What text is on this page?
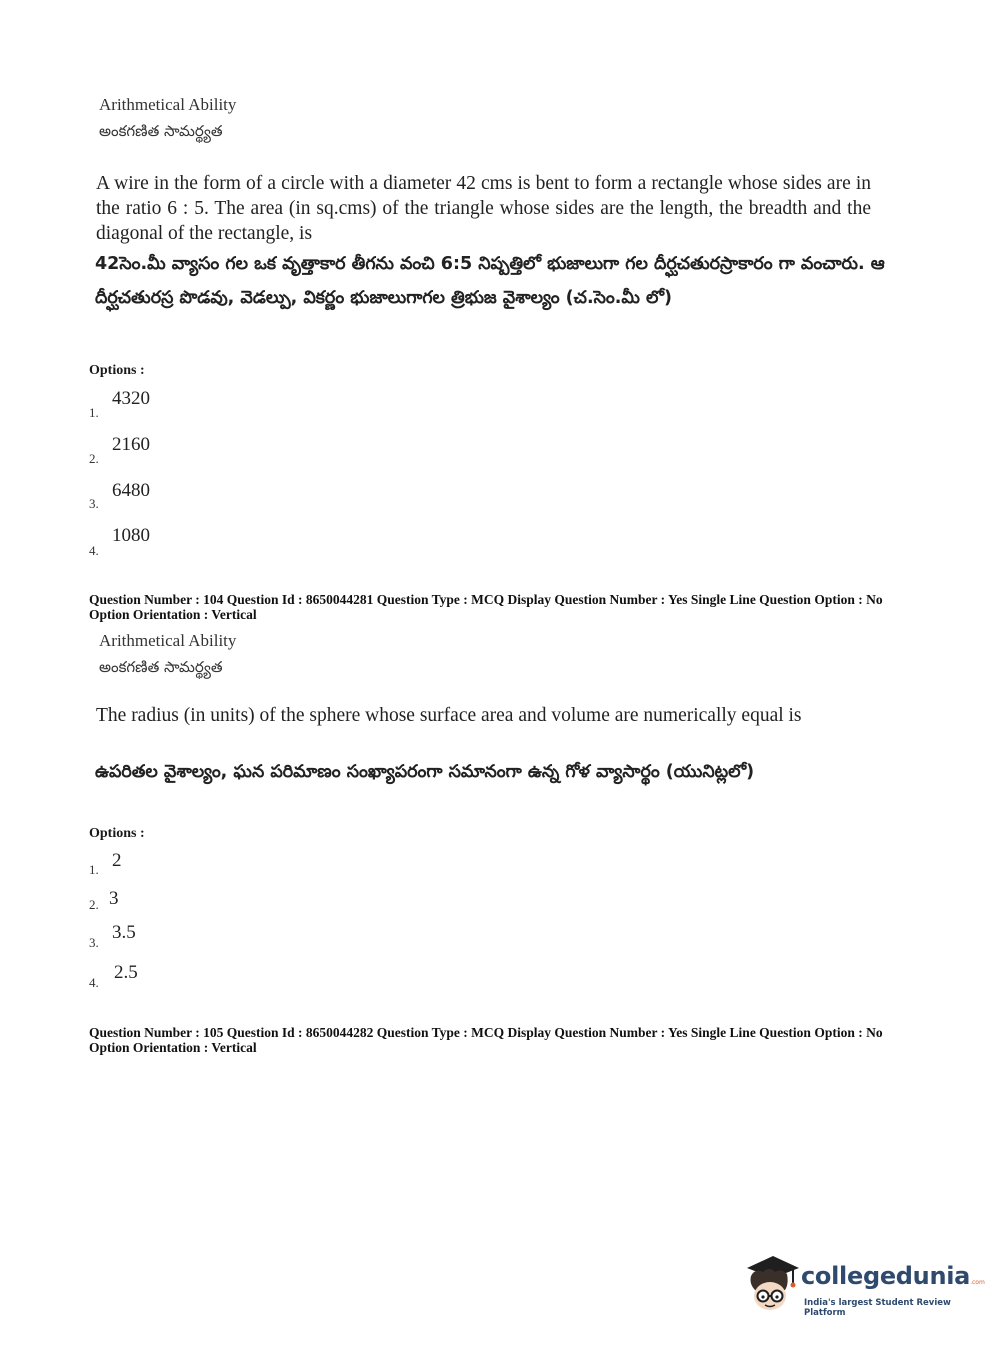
Arithmetical Ability
అంకగణిత సామర్థ్యత
A wire in the form of a circle with a diameter 42 cms is bent to form a rectangle whose sides are in the ratio 6 : 5. The area (in sq.cms) of the triangle whose sides are the length, the breadth and the diagonal of the rectangle, is
42సెం.మీ వ్యాసం గల ఒక వృత్తాకార తీగను వంచి 6:5 నిష్పత్తిలో భుజాలుగా గల దీర్ఘచతురస్రాకారం గా వంచారు. ఆ దీర్ఘచతురస్ర పొడవు, వెడల్పు, వికర్ణం భుజాలుగాగల త్రిభుజ వైశాల్యం (చ.సెం.మీ లో)
Options :
1.
4320
2.
2160
3.
6480
4.
1080
Question Number : 104 Question Id : 8650044281 Question Type : MCQ Display Question Number : Yes Single Line Question Option : No Option Orientation : Vertical
Arithmetical Ability
అంకగణిత సామర్థ్యత
The radius (in units) of the sphere whose surface area and volume are numerically equal is
ఉపరితల వైశాల్యం, ఘన పరిమాణం సంఖ్యాపరంగా సమానంగా ఉన్న గోళ వ్యాసార్థం (యునిట్లలో)
Options :
1. 2
2. 3
3. 3.5
4. 2.5
Question Number : 105 Question Id : 8650044282 Question Type : MCQ Display Question Number : Yes Single Line Question Option : No Option Orientation : Vertical
collegedunia.com
India's largest Student Review Platform
